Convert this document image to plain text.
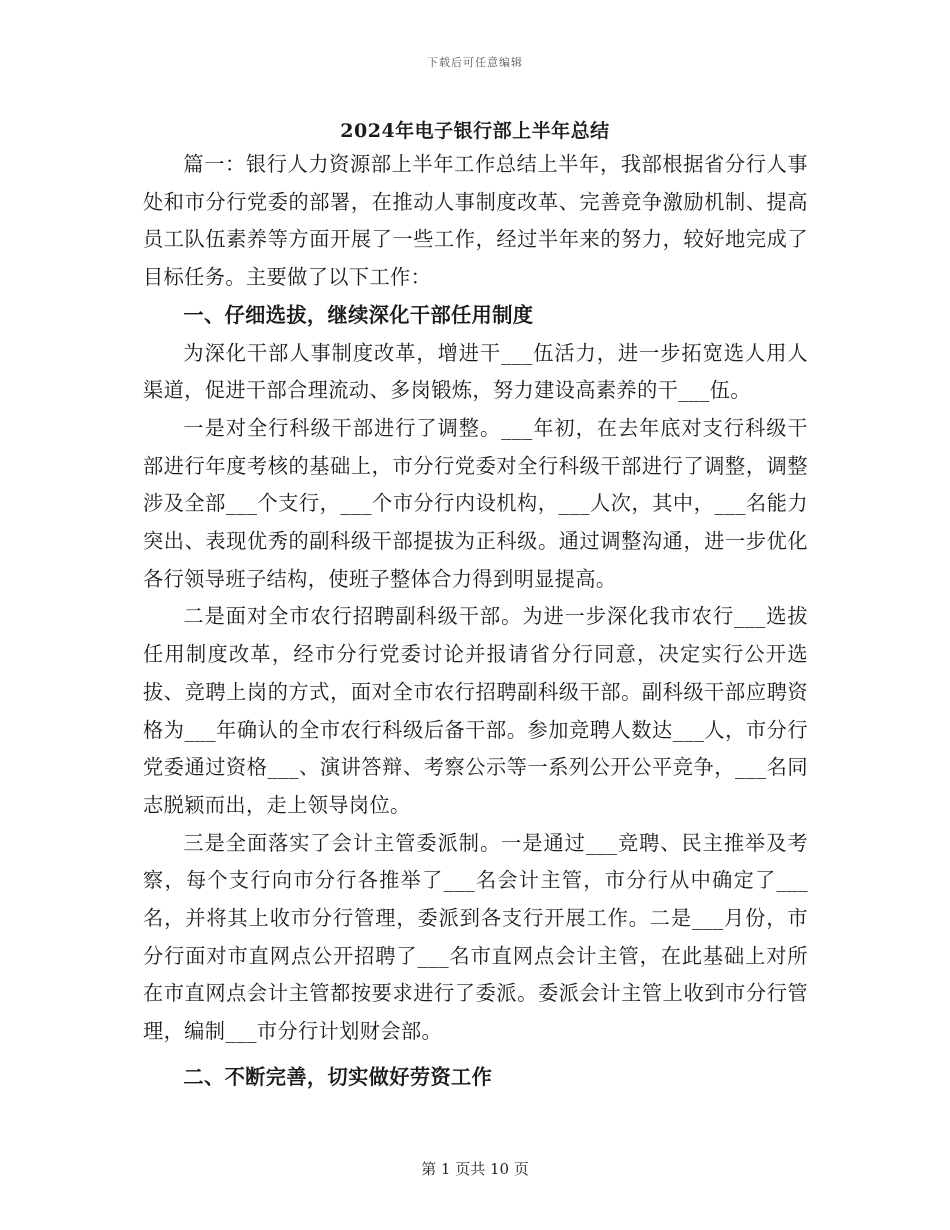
下载后可任意编辑
2024年电子银行部上半年总结

篇一：银行人力资源部上半年工作总结上半年，我部根据省分行人事处和市分行党委的部署，在推动人事制度改革、完善竞争激励机制、提高员工队伍素养等方面开展了一些工作，经过半年来的努力，较好地完成了目标任务。主要做了以下工作：

一、仔细选拔，继续深化干部任用制度

为深化干部人事制度改革，增进干___伍活力，进一步拓宽选人用人渠道，促进干部合理流动、多岗锻炼，努力建设高素养的干___伍。

一是对全行科级干部进行了调整。___年初，在去年底对支行科级干部进行年度考核的基础上，市分行党委对全行科级干部进行了调整，调整涉及全部___个支行，___个市分行内设机构，___人次，其中，___名能力突出、表现优秀的副科级干部提拔为正科级。通过调整沟通，进一步优化各行领导班子结构，使班子整体合力得到明显提高。

二是面对全市农行招聘副科级干部。为进一步深化我市农行___选拔任用制度改革，经市分行党委讨论并报请省分行同意，决定实行公开选拔、竞聘上岗的方式，面对全市农行招聘副科级干部。副科级干部应聘资格为___年确认的全市农行科级后备干部。参加竞聘人数达___人，市分行党委通过资格___、演讲答辩、考察公示等一系列公开公平竞争，___名同志脱颖而出，走上领导岗位。

三是全面落实了会计主管委派制。一是通过___竞聘、民主推举及考察，每个支行向市分行各推举了___名会计主管，市分行从中确定了___名，并将其上收市分行管理，委派到各支行开展工作。二是___月份，市分行面对市直网点公开招聘了___名市直网点会计主管，在此基础上对所在市直网点会计主管都按要求进行了委派。委派会计主管上收到市分行管理，编制___市分行计划财会部。

二、不断完善，切实做好劳资工作

第 1 页共 10 页
